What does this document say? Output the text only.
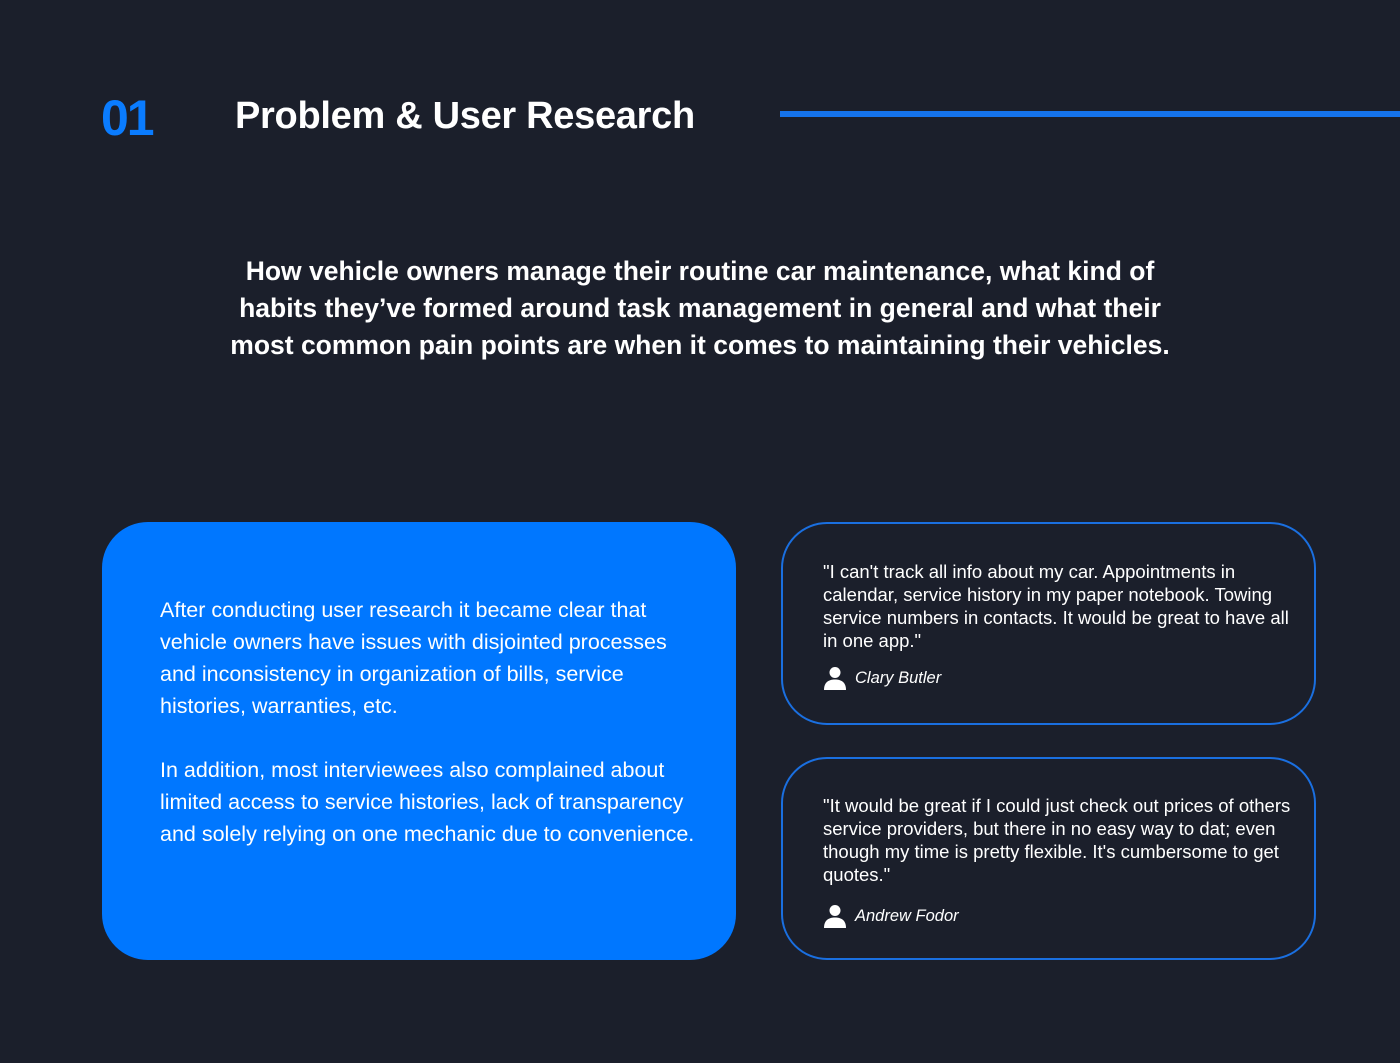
01 Problem & User Research
How vehicle owners manage their routine car maintenance, what kind of habits they’ve formed around task management in general and what their most common pain points are when it comes to maintaining their vehicles.

After conducting user research it became clear that vehicle owners have issues with disjointed processes and inconsistency in organization of bills, service histories, warranties, etc.

In addition, most interviewees also complained about limited access to service histories, lack of transparency and solely relying on one mechanic due to convenience.

"I can't track all info about my car. Appointments in calendar, service history in my paper notebook. Towing service numbers in contacts. It would be great to have all in one app."

Clary Butler

"It would be great if I could just check out prices of others service providers, but there in no easy way to dat; even though my time is pretty flexible. It's cumbersome to get quotes."

Andrew Fodor
